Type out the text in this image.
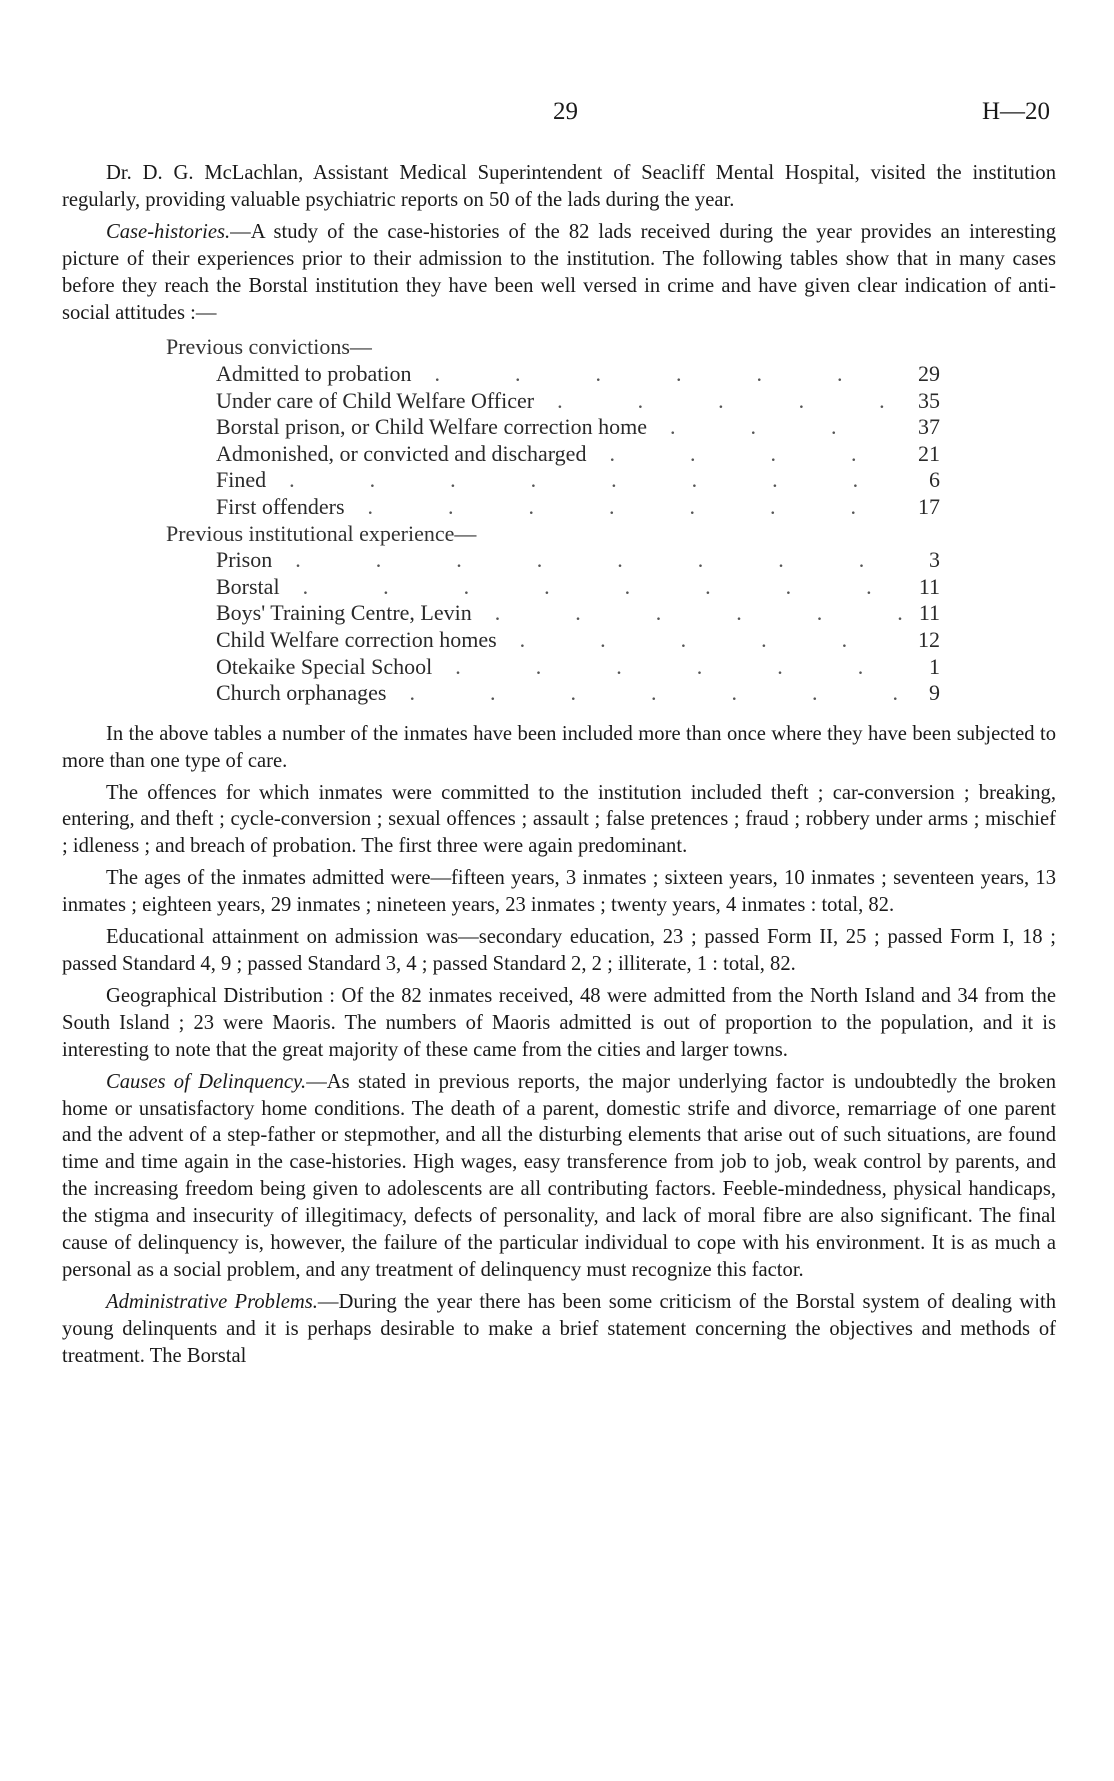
29	H—20

Dr. D. G. McLachlan, Assistant Medical Superintendent of Seacliff Mental Hospital, visited the institution regularly, providing valuable psychiatric reports on 50 of the lads during the year.

Case-histories.—A study of the case-histories of the 82 lads received during the year provides an interesting picture of their experiences prior to their admission to the institution. The following tables show that in many cases before they reach the Borstal institution they have been well versed in crime and have given clear indication of anti-social attitudes :—

Previous convictions—
Admitted to probation .	29
Under care of Child Welfare Officer .	35
Borstal prison, or Child Welfare correction home .	37
Admonished, or convicted and discharged .	21
Fined .	6
First offenders .	17
Previous institutional experience—
Prison .	3
Borstal .	11
Boys' Training Centre, Levin .	11
Child Welfare correction homes .	12
Otekaike Special School .	1
Church orphanages .	9

In the above tables a number of the inmates have been included more than once where they have been subjected to more than one type of care.

The offences for which inmates were committed to the institution included theft ; car-conversion ; breaking, entering, and theft ; cycle-conversion ; sexual offences ; assault ; false pretences ; fraud ; robbery under arms ; mischief ; idleness ; and breach of probation. The first three were again predominant.

The ages of the inmates admitted were—fifteen years, 3 inmates ; sixteen years, 10 inmates ; seventeen years, 13 inmates ; eighteen years, 29 inmates ; nineteen years, 23 inmates ; twenty years, 4 inmates : total, 82.

Educational attainment on admission was—secondary education, 23 ; passed Form II, 25 ; passed Form I, 18 ; passed Standard 4, 9 ; passed Standard 3, 4 ; passed Standard 2, 2 ; illiterate, 1 : total, 82.

Geographical Distribution : Of the 82 inmates received, 48 were admitted from the North Island and 34 from the South Island ; 23 were Maoris. The numbers of Maoris admitted is out of proportion to the population, and it is interesting to note that the great majority of these came from the cities and larger towns.

Causes of Delinquency.—As stated in previous reports, the major underlying factor is undoubtedly the broken home or unsatisfactory home conditions. The death of a parent, domestic strife and divorce, remarriage of one parent and the advent of a step-father or stepmother, and all the disturbing elements that arise out of such situations, are found time and time again in the case-histories. High wages, easy transference from job to job, weak control by parents, and the increasing freedom being given to adolescents are all contributing factors. Feeble-mindedness, physical handicaps, the stigma and insecurity of illegitimacy, defects of personality, and lack of moral fibre are also significant. The final cause of delinquency is, however, the failure of the particular individual to cope with his environment. It is as much a personal as a social problem, and any treatment of delinquency must recognize this factor.

Administrative Problems.—During the year there has been some criticism of the Borstal system of dealing with young delinquents and it is perhaps desirable to make a brief statement concerning the objectives and methods of treatment. The Borstal
